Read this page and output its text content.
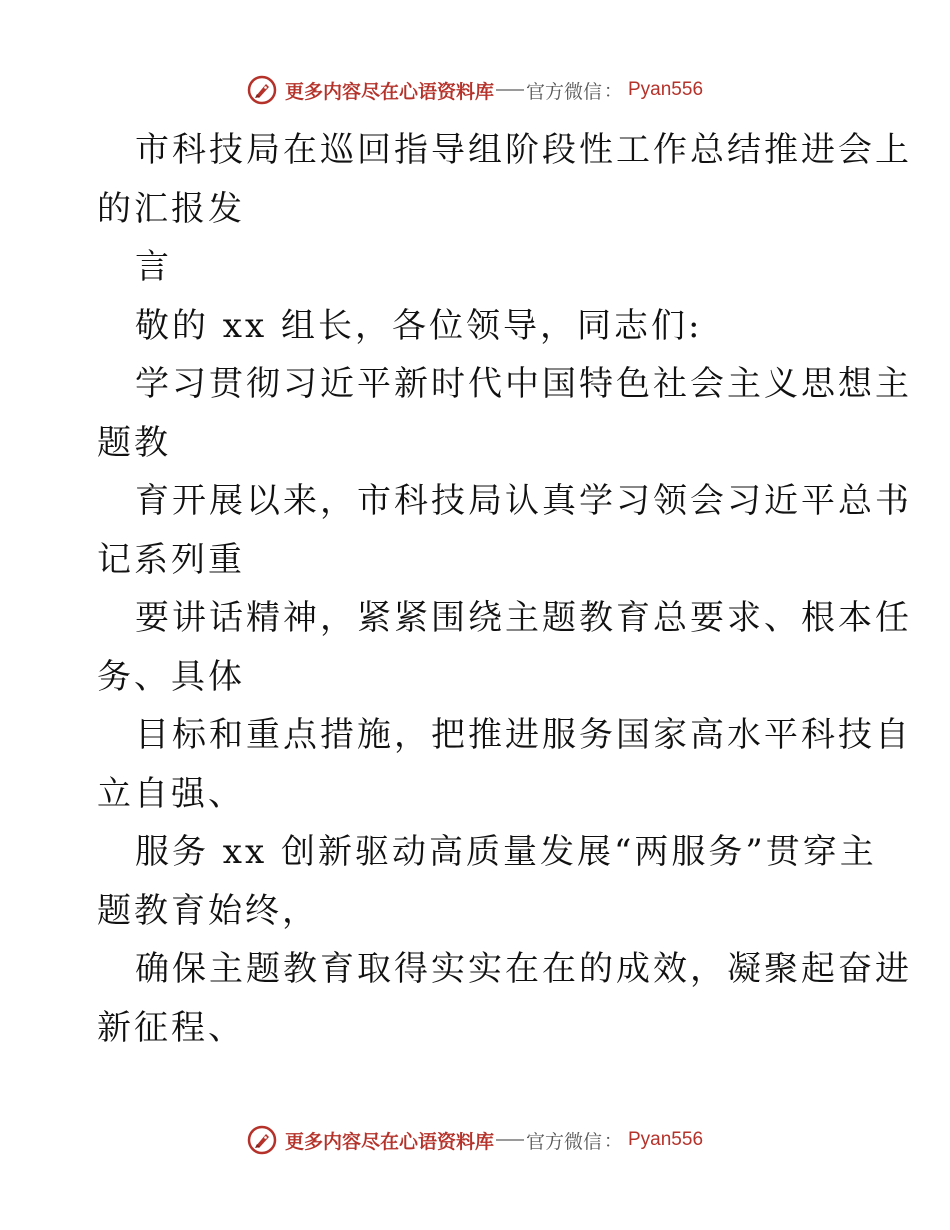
更多内容尽在心语资料库 官方微信 ： Pyan556
市科技局在巡回指导组阶段性工作总结推进会上
的汇报发
言
敬的 xx 组长，各位领导，同志们:
学习贯彻习近平新时代中国特色社会主义思想主
题教
育开展以来，市科技局认真学习领会习近平总书
记系列重
要讲话精神，紧紧围绕主题教育总要求、根本任
务、具体
目标和重点措施，把推进服务国家高水平科技自
立自强、
服务 xx 创新驱动高质量发展“两服务”贯穿主
题教育始终，
确保主题教育取得实实在在的成效，凝聚起奋进
新征程、
更多内容尽在心语资料库 官方微信 ： Pyan556
